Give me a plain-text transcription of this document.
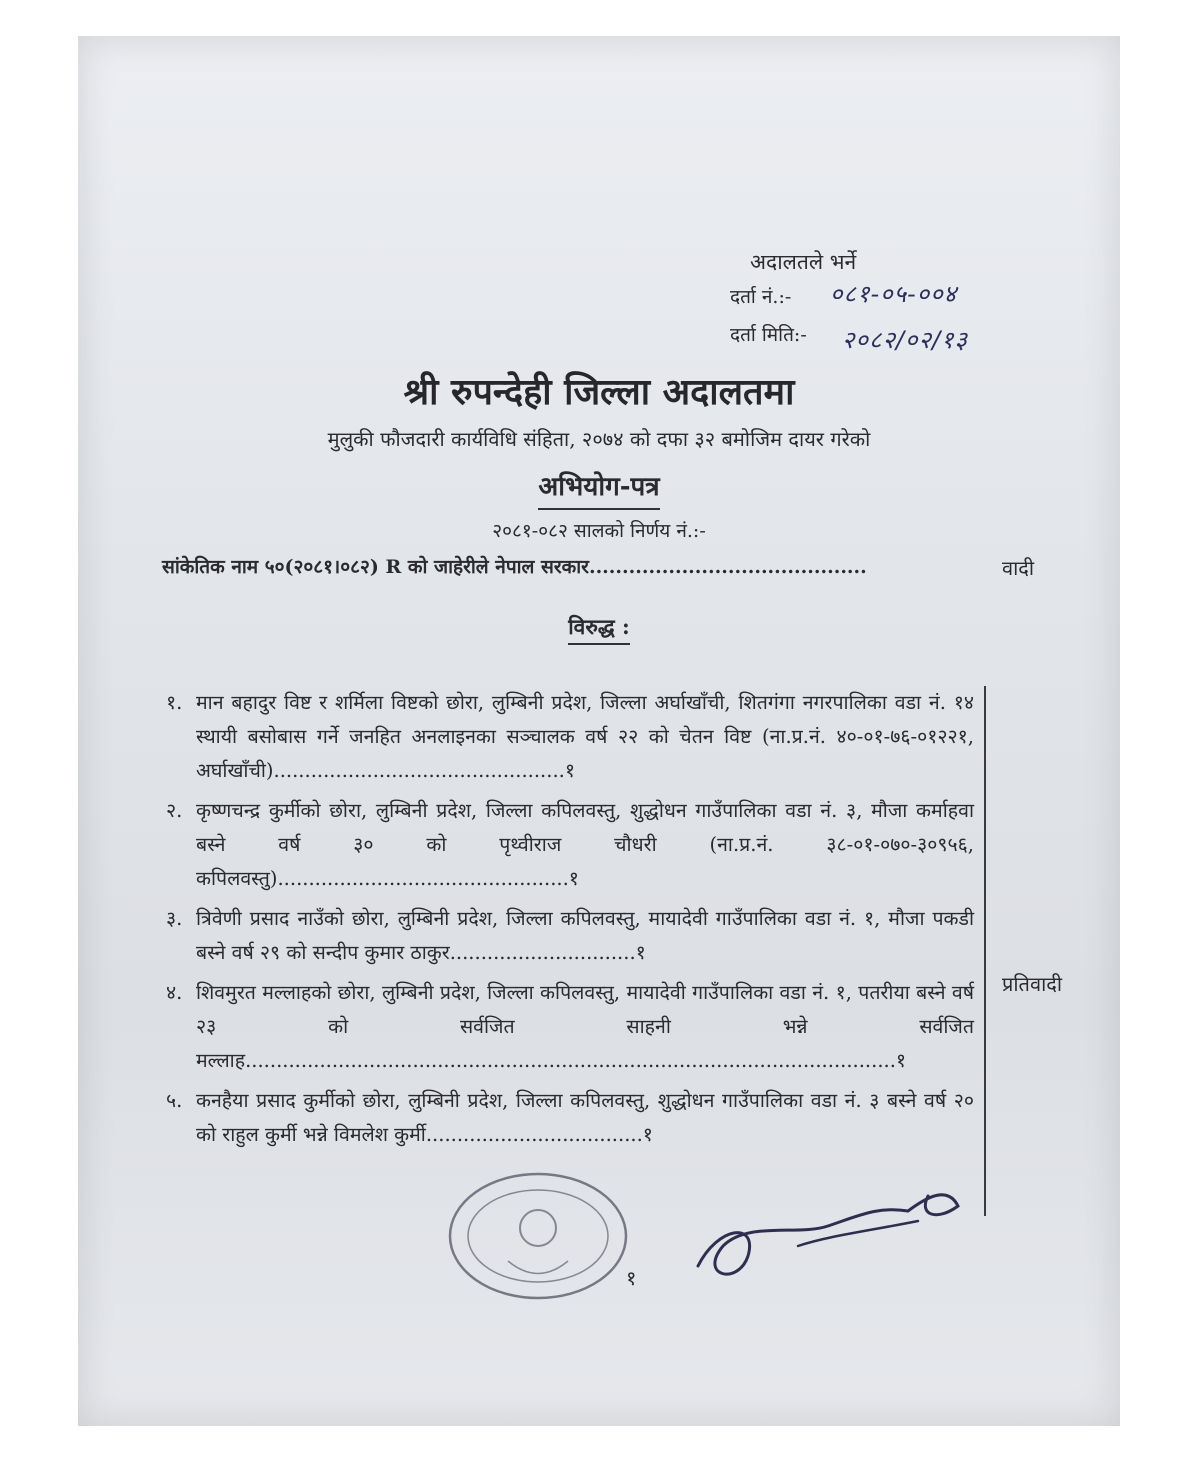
अदालतले भर्ने
दर्ता नं.:- ०८१-०५-००४
दर्ता मिति:- २०८२/०२/१३
श्री रुपन्देही जिल्ला अदालतमा
मुलुकी फौजदारी कार्यविधि संहिता, २०७४ को दफा ३२ बमोजिम दायर गरेको
अभियोग-पत्र
२०८१-०८२ सालको निर्णय नं.:-
सांकेतिक नाम ५०(२०८१।०८२) R को जाहेरीले नेपाल सरकार..........................................	वादी
विरुद्ध :
१. मान बहादुर विष्ट र शर्मिला विष्टको छोरा, लुम्बिनी प्रदेश, जिल्ला अर्घाखाँची, शितगंगा नगरपालिका वडा नं. १४ स्थायी बसोबास गर्ने जनहित अनलाइनका सञ्चालक वर्ष २२ को चेतन विष्ट (ना.प्र.नं. ४०-०१-७६-०१२२१, अर्घाखाँची)...............................................१
२. कृष्णचन्द्र कुर्मीको छोरा, लुम्बिनी प्रदेश, जिल्ला कपिलवस्तु, शुद्धोधन गाउँपालिका वडा नं. ३, मौजा कर्माहवा बस्ने वर्ष ३० को पृथ्वीराज चौधरी (ना.प्र.नं. ३८-०१-०७०-३०९५६, कपिलवस्तु)...............................................१
३. त्रिवेणी प्रसाद नाउँको छोरा, लुम्बिनी प्रदेश, जिल्ला कपिलवस्तु, मायादेवी गाउँपालिका वडा नं. १, मौजा पकडी बस्ने वर्ष २९ को सन्दीप कुमार ठाकुर..............................१
४. शिवमुरत मल्लाहको छोरा, लुम्बिनी प्रदेश, जिल्ला कपिलवस्तु, मायादेवी गाउँपालिका वडा नं. १, पतरीया बस्ने वर्ष २३ को सर्वजित साहनी भन्ने सर्वजित मल्लाह.........................................................................................................१
५. कनहैया प्रसाद कुर्मीको छोरा, लुम्बिनी प्रदेश, जिल्ला कपिलवस्तु, शुद्धोधन गाउँपालिका वडा नं. ३ बस्ने वर्ष २० को राहुल कुर्मी भन्ने विमलेश कुर्मी...................................१
प्रतिवादी
१
